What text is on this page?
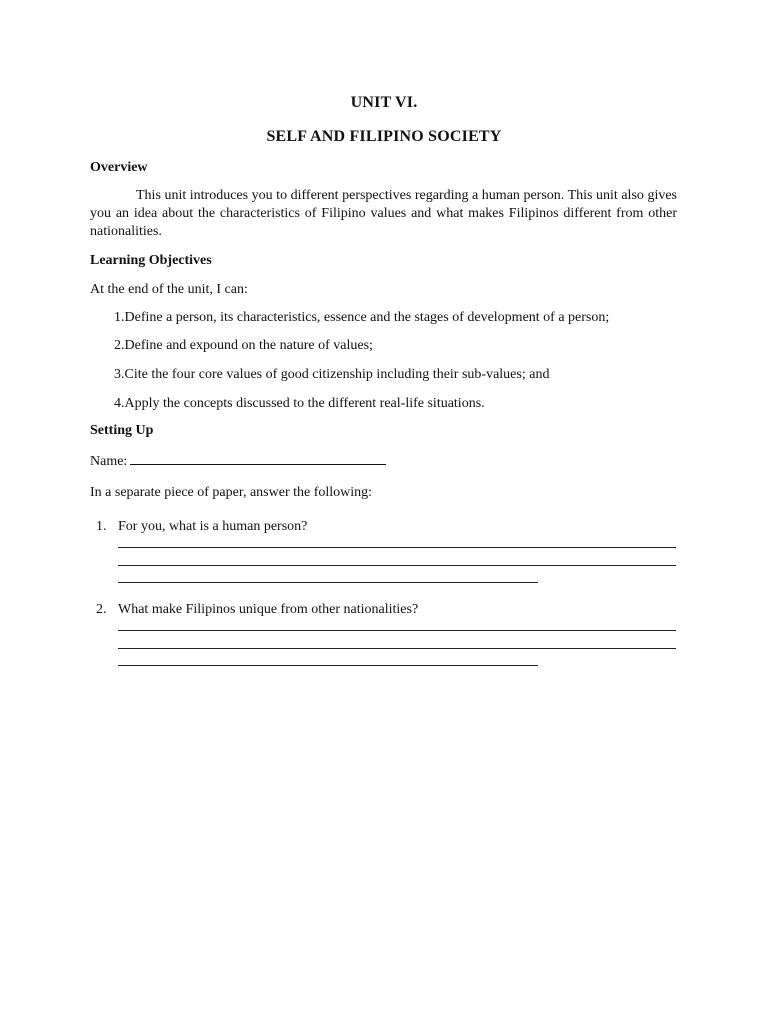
UNIT VI.
SELF AND FILIPINO SOCIETY
Overview
This unit introduces you to different perspectives regarding a human person. This unit also gives you an idea about the characteristics of Filipino values and what makes Filipinos different from other nationalities.
Learning Objectives
At the end of the unit, I can:
1.Define a person, its characteristics, essence and the stages of development of a person;
2.Define and expound on the nature of values;
3.Cite the four core values of good citizenship including their sub-values; and
4.Apply the concepts discussed to the different real-life situations.
Setting Up
Name:
In a separate piece of paper, answer the following:
1. For you, what is a human person?
2. What make Filipinos unique from other nationalities?
